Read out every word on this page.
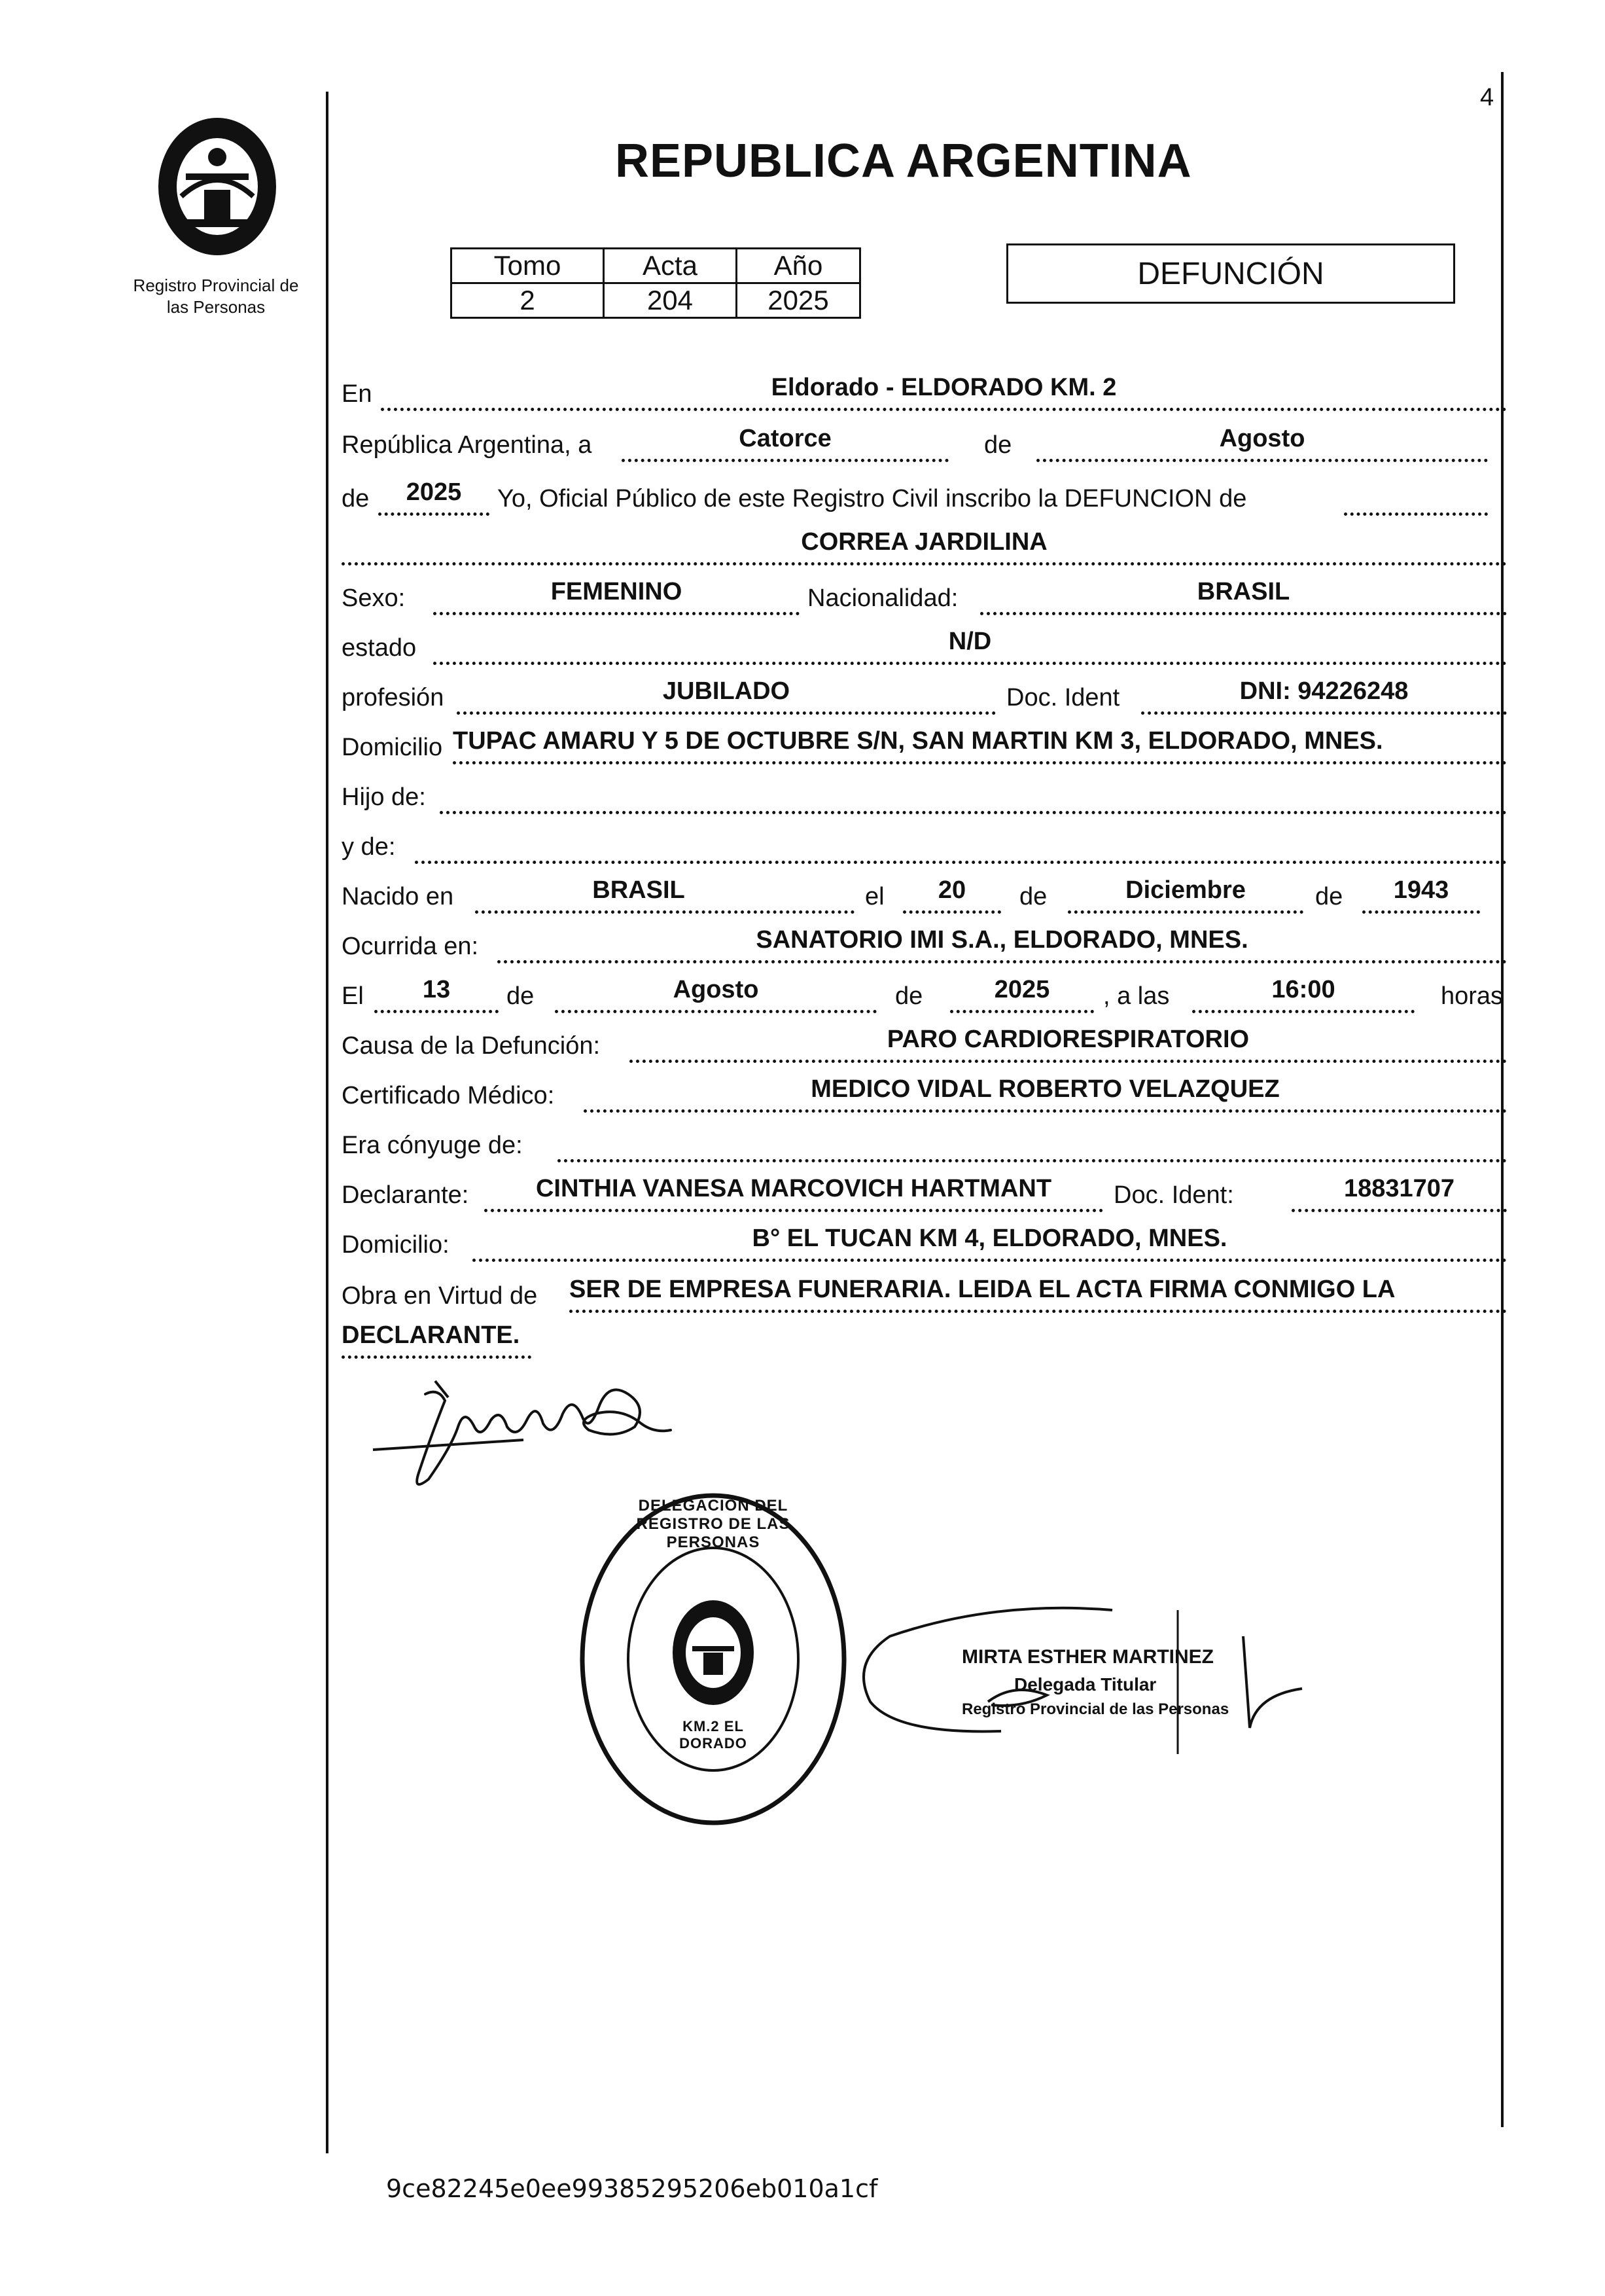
4
Registro Provincial de
las Personas
REPUBLICA ARGENTINA
Tomo	Acta	Año
2	204	2025
DEFUNCIÓN
En	Eldorado - ELDORADO KM. 2
República Argentina, a	Catorce	de	Agosto
de	2025	Yo, Oficial Público de este Registro Civil inscribo la DEFUNCION de
CORREA JARDILINA
Sexo:	FEMENINO	Nacionalidad:	BRASIL
estado	N/D
profesión	JUBILADO	Doc. Ident	DNI: 94226248
Domicilio TUPAC AMARU Y 5 DE OCTUBRE S/N, SAN MARTIN KM 3, ELDORADO, MNES.
Hijo de:
y de:
Nacido en	BRASIL	el	20	de	Diciembre	de	1943
Ocurrida en:	SANATORIO IMI S.A., ELDORADO, MNES.
El	13	de	Agosto	de	2025	, a las	16:00	horas
Causa de la Defunción:	PARO CARDIORESPIRATORIO
Certificado Médico:	MEDICO VIDAL ROBERTO VELAZQUEZ
Era cónyuge de:
Declarante:	CINTHIA VANESA MARCOVICH HARTMANT	Doc. Ident:	18831707
Domicilio:	B° EL TUCAN KM 4, ELDORADO, MNES.
Obra en Virtud de SER DE EMPRESA FUNERARIA. LEIDA EL ACTA FIRMA CONMIGO LA
DECLARANTE.
DELEGACIÓN DEL REGISTRO DE LAS PERSONAS
KM.2 EL DORADO
MIRTA ESTHER MARTINEZ
Delegada Titular
Registro Provincial de las Personas
9ce82245e0ee99385295206eb010a1cf
